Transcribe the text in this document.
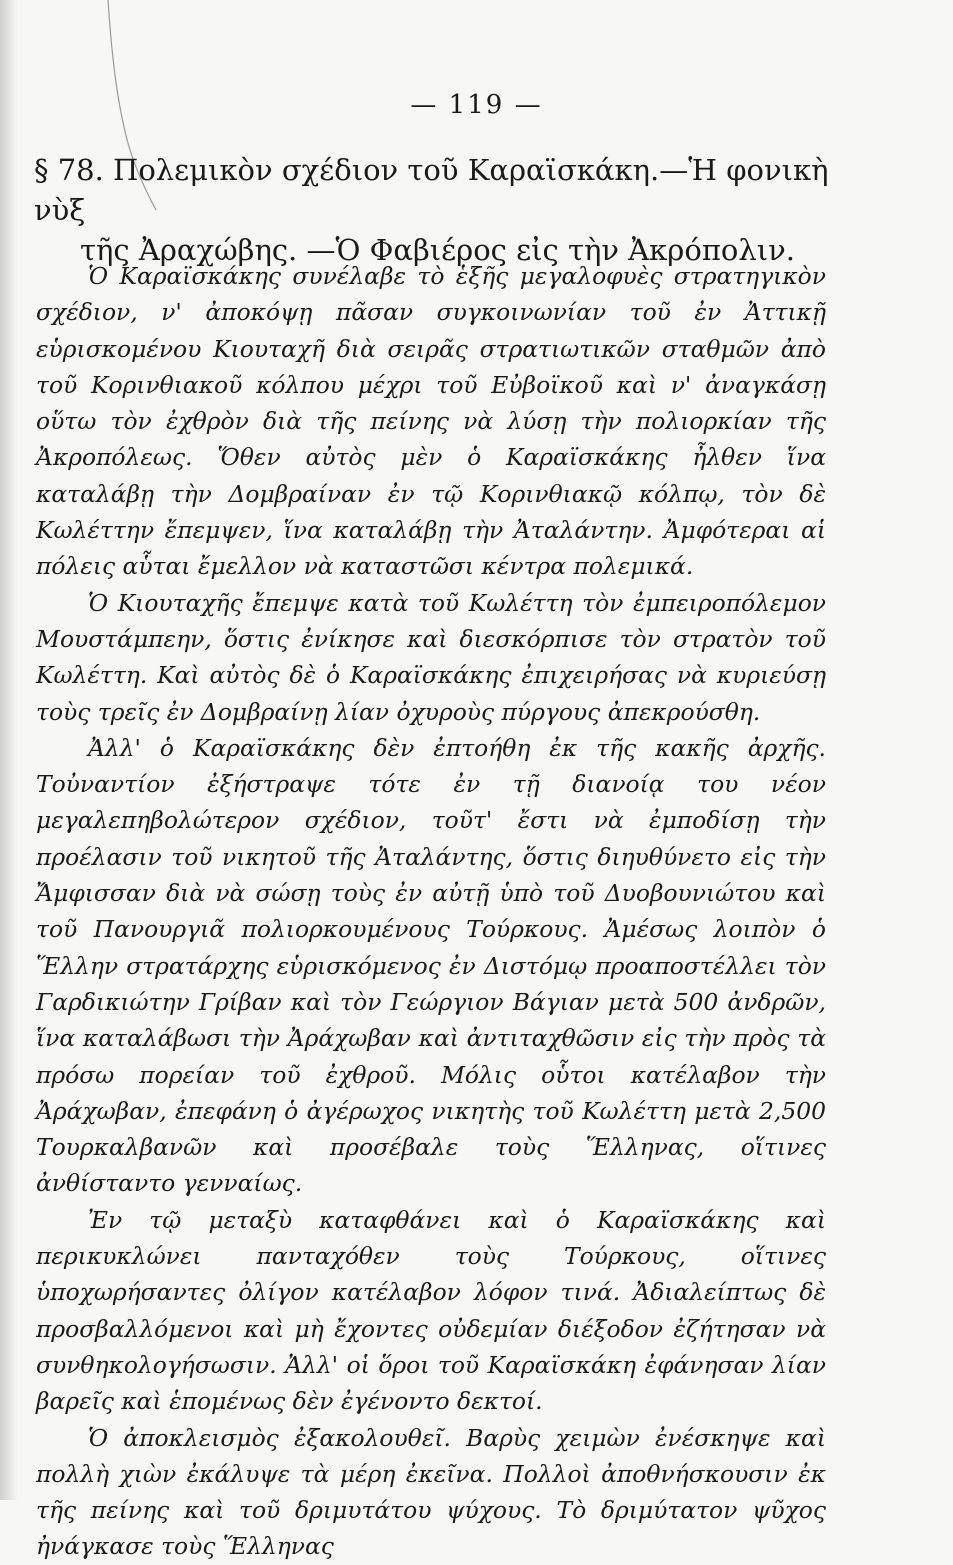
— 119 —
§ 78. Πολεμικὸν σχέδιον τοῦ Καραϊσκάκη.—Ἡ φονικὴ νὺξ
τῆς Ἀραχώβης. —Ὁ Φαβιέρος εἰς τὴν Ἀκρόπολιν.

Ὁ Καραϊσκάκης συνέλαβε τὸ ἑξῆς μεγαλοφυὲς στρατηγικὸν σχέδιον, ν' ἀποκόψῃ πᾶσαν συγκοινωνίαν τοῦ ἐν Ἀττικῇ εὑρισκομένου Κιουταχῆ διὰ σειρᾶς στρατιωτικῶν σταθμῶν ἀπὸ τοῦ Κορινθιακοῦ κόλπου μέχρι τοῦ Εὐβοϊκοῦ καὶ ν' ἀναγκάσῃ οὕτω τὸν ἐχθρὸν διὰ τῆς πείνης νὰ λύσῃ τὴν πολιορκίαν τῆς Ἀκροπόλεως. Ὅθεν αὐτὸς μὲν ὁ Καραϊσκάκης ἦλθεν ἵνα καταλάβῃ τὴν Δομβραίναν ἐν τῷ Κορινθιακῷ κόλπῳ, τὸν δὲ Κωλέττην ἔπεμψεν, ἵνα καταλάβῃ τὴν Ἀταλάντην. Ἀμφότεραι αἱ πόλεις αὗται ἔμελλον νὰ καταστῶσι κέντρα πολεμικά.

Ὁ Κιουταχῆς ἔπεμψε κατὰ τοῦ Κωλέττη τὸν ἐμπειροπόλεμον Μουστάμπεην, ὅστις ἐνίκησε καὶ διεσκόρπισε τὸν στρατὸν τοῦ Κωλέττη. Καὶ αὐτὸς δὲ ὁ Καραϊσκάκης ἐπιχειρήσας νὰ κυριεύσῃ τοὺς τρεῖς ἐν Δομβραίνῃ λίαν ὀχυροὺς πύργους ἀπεκρούσθη.

Ἀλλ' ὁ Καραϊσκάκης δὲν ἐπτοήθη ἐκ τῆς κακῆς ἀρχῆς. Τοὐναντίον ἐξήστραψε τότε ἐν τῇ διανοίᾳ του νέον μεγαλεπηβολώτερον σχέδιον, τοῦτ' ἔστι νὰ ἐμποδίσῃ τὴν προέλασιν τοῦ νικητοῦ τῆς Ἀταλάντης, ὅστις διηυθύνετο εἰς τὴν Ἄμφισσαν διὰ νὰ σώσῃ τοὺς ἐν αὐτῇ ὑπὸ τοῦ Δυοβουνιώτου καὶ τοῦ Πανουργιᾶ πολιορκουμένους Τούρκους. Ἀμέσως λοιπὸν ὁ Ἕλλην στρατάρχης εὑρισκόμενος ἐν Διστόμῳ προαποστέλλει τὸν Γαρδικιώτην Γρίβαν καὶ τὸν Γεώργιον Βάγιαν μετὰ 500 ἀνδρῶν, ἵνα καταλάβωσι τὴν Ἀράχωβαν καὶ ἀντιταχθῶσιν εἰς τὴν πρὸς τὰ πρόσω πορείαν τοῦ ἐχθροῦ. Μόλις οὗτοι κατέλαβον τὴν Ἀράχωβαν, ἐπεφάνη ὁ ἀγέρωχος νικητὴς τοῦ Κωλέττη μετὰ 2,500 Τουρκαλβανῶν καὶ προσέβαλε τοὺς Ἕλληνας, οἵτινες ἀνθίσταντο γενναίως.

Ἐν τῷ μεταξὺ καταφθάνει καὶ ὁ Καραϊσκάκης καὶ περικυκλώνει πανταχόθεν τοὺς Τούρκους, οἵτινες ὑποχωρήσαντες ὀλίγον κατέλαβον λόφον τινά. Ἀδιαλείπτως δὲ προσβαλλόμενοι καὶ μὴ ἔχοντες οὐδεμίαν διέξοδον ἐζήτησαν νὰ συνθηκολογήσωσιν. Ἀλλ' οἱ ὅροι τοῦ Καραϊσκάκη ἐφάνησαν λίαν βαρεῖς καὶ ἑπομένως δὲν ἐγένοντο δεκτοί.

Ὁ ἀποκλεισμὸς ἐξακολουθεῖ. Βαρὺς χειμὼν ἐνέσκηψε καὶ πολλὴ χιὼν ἐκάλυψε τὰ μέρη ἐκεῖνα. Πολλοὶ ἀποθνήσκουσιν ἐκ τῆς πείνης καὶ τοῦ δριμυτάτου ψύχους. Τὸ δριμύτατον ψῦχος ἠνάγκασε τοὺς Ἕλληνας
